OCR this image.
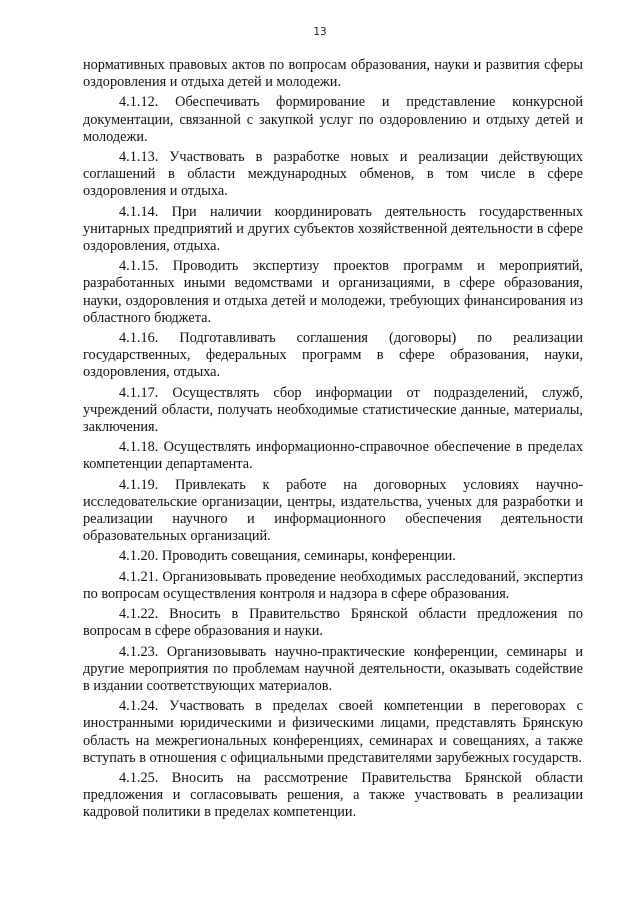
13

нормативных правовых актов по вопросам образования, науки и развития сферы оздоровления и отдыха детей и молодежи.

4.1.12. Обеспечивать формирование и представление конкурсной документации, связанной с закупкой услуг по оздоровлению и отдыху детей и молодежи.

4.1.13. Участвовать в разработке новых и реализации действующих соглашений в области международных обменов, в том числе в сфере оздоровления и отдыха.

4.1.14. При наличии координировать деятельность государственных унитарных предприятий и других субъектов хозяйственной деятельности в сфере оздоровления, отдыха.

4.1.15. Проводить экспертизу проектов программ и мероприятий, разработанных иными ведомствами и организациями, в сфере образования, науки, оздоровления и отдыха детей и молодежи, требующих финансирования из областного бюджета.

4.1.16. Подготавливать соглашения (договоры) по реализации государственных, федеральных программ в сфере образования, науки, оздоровления, отдыха.

4.1.17. Осуществлять сбор информации от подразделений, служб, учреждений области, получать необходимые статистические данные, материалы, заключения.

4.1.18. Осуществлять информационно-справочное обеспечение в пределах компетенции департамента.

4.1.19. Привлекать к работе на договорных условиях научно-исследовательские организации, центры, издательства, ученых для разработки и реализации научного и информационного обеспечения деятельности образовательных организаций.

4.1.20. Проводить совещания, семинары, конференции.

4.1.21. Организовывать проведение необходимых расследований, экспертиз по вопросам осуществления контроля и надзора в сфере образования.

4.1.22. Вносить в Правительство Брянской области предложения по вопросам в сфере образования и науки.

4.1.23. Организовывать научно-практические конференции, семинары и другие мероприятия по проблемам научной деятельности, оказывать содействие в издании соответствующих материалов.

4.1.24. Участвовать в пределах своей компетенции в переговорах с иностранными юридическими и физическими лицами, представлять Брянскую область на межрегиональных конференциях, семинарах и совещаниях, а также вступать в отношения с официальными представителями зарубежных государств.

4.1.25. Вносить на рассмотрение Правительства Брянской области предложения и согласовывать решения, а также участвовать в реализации кадровой политики в пределах компетенции.
